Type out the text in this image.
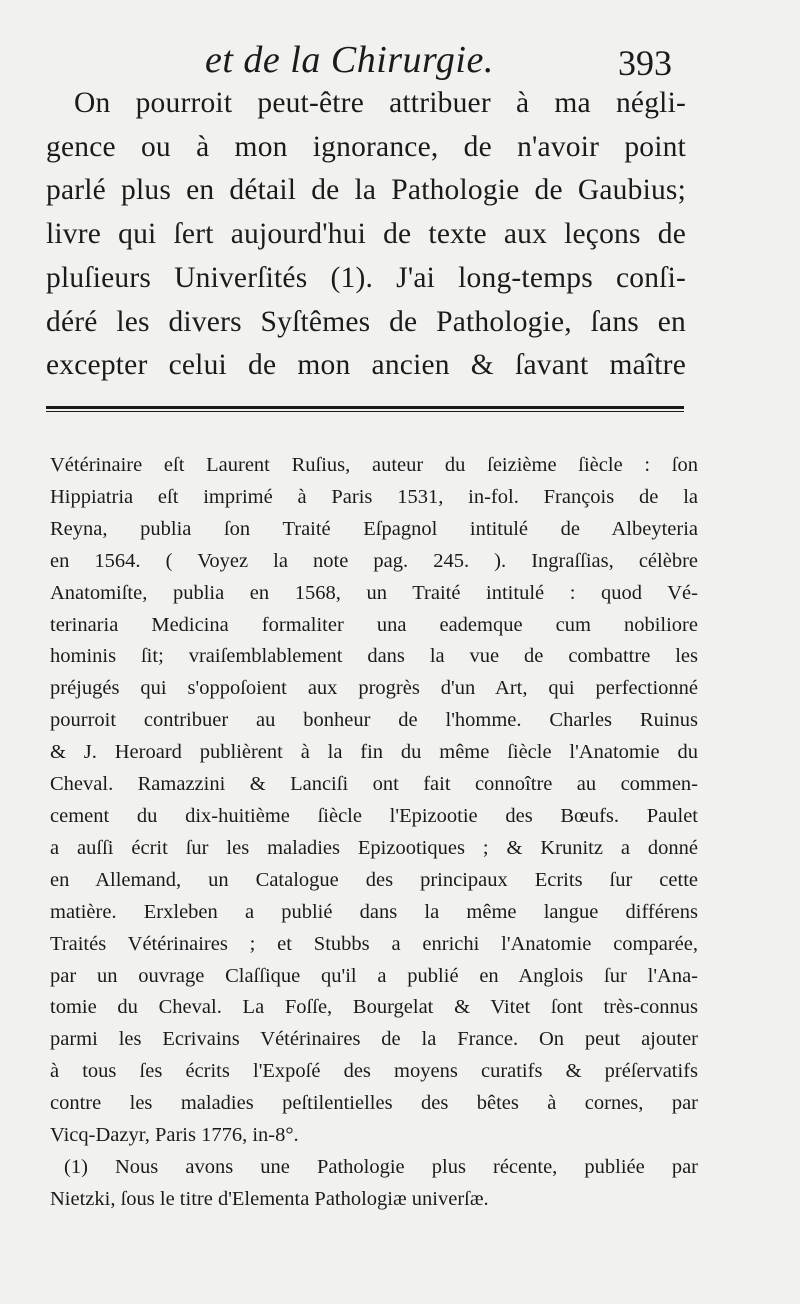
et de la Chirurgie.	393
On pourroit peut-être attribuer à ma négli-
gence ou à mon ignorance, de n'avoir point
parlé plus en détail de la Pathologie de Gaubius;
livre qui ſert aujourd'hui de texte aux leçons de
pluſieurs Univerſités (1). J'ai long-temps conſi-
déré les divers Syſtêmes de Pathologie, ſans en
excepter celui de mon ancien & ſavant maître
Vétérinaire eſt Laurent Ruſius, auteur du ſeizième ſiècle : ſon
Hippiatria eſt imprimé à Paris 1531, in-fol. François de la
Reyna, publia ſon Traité Eſpagnol intitulé de Albeyteria
en 1564. ( Voyez la note pag. 245. ). Ingraſſias, célèbre
Anatomiſte, publia en 1568, un Traité intitulé : quod Vé-
terinaria Medicina formaliter una eademque cum nobiliore
hominis ſit; vraiſemblablement dans la vue de combattre les
préjugés qui s'oppoſoient aux progrès d'un Art, qui perfectionné
pourroit contribuer au bonheur de l'homme. Charles Ruinus
& J. Heroard publièrent à la fin du même ſiècle l'Anatomie du
Cheval. Ramazzini & Lanciſi ont fait connoître au commen-
cement du dix-huitième ſiècle l'Epizootie des Bœufs. Paulet
a auſſi écrit ſur les maladies Epizootiques ; & Krunitz a donné
en Allemand, un Catalogue des principaux Ecrits ſur cette
matière. Erxleben a publié dans la même langue différens
Traités Vétérinaires ; et Stubbs a enrichi l'Anatomie comparée,
par un ouvrage Claſſique qu'il a publié en Anglois ſur l'Ana-
tomie du Cheval. La Foſſe, Bourgelat & Vitet ſont très-connus
parmi les Ecrivains Vétérinaires de la France. On peut ajouter
à tous ſes écrits l'Expoſé des moyens curatifs & préſervatifs
contre les maladies peſtilentielles des bêtes à cornes, par
Vicq-Dazyr, Paris 1776, in-8°.
(1) Nous avons une Pathologie plus récente, publiée par
Nietzki, ſous le titre d'Elementa Pathologiæ univerſæ.
